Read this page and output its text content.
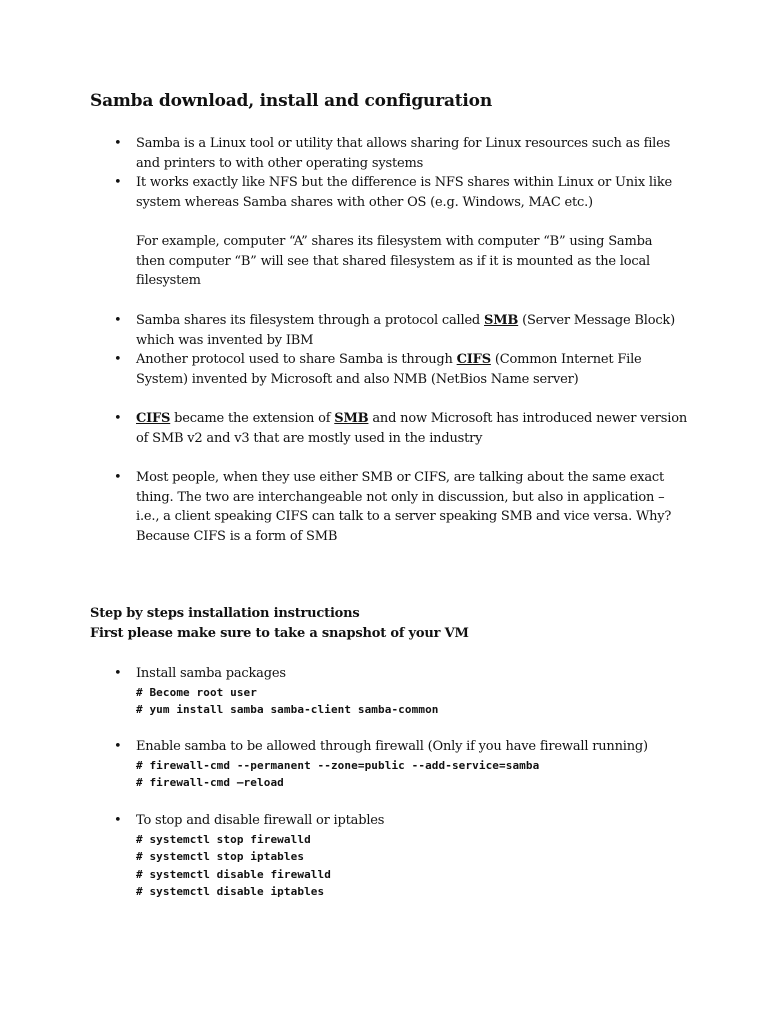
Samba download, install and configuration
• Samba is a Linux tool or utility that allows sharing for Linux resources such as files
and printers to with other operating systems
• It works exactly like NFS but the difference is NFS shares within Linux or Unix like
system whereas Samba shares with other OS (e.g. Windows, MAC etc.)
For example, computer “A” shares its filesystem with computer “B” using Samba
then computer “B” will see that shared filesystem as if it is mounted as the local
filesystem
• Samba shares its filesystem through a protocol called SMB (Server Message Block)
which was invented by IBM
• Another protocol used to share Samba is through CIFS (Common Internet File
System) invented by Microsoft and also NMB (NetBios Name server)
• CIFS became the extension of SMB and now Microsoft has introduced newer version
of SMB v2 and v3 that are mostly used in the industry
• Most people, when they use either SMB or CIFS, are talking about the same exact
thing. The two are interchangeable not only in discussion, but also in application –
i.e., a client speaking CIFS can talk to a server speaking SMB and vice versa. Why?
Because CIFS is a form of SMB
Step by steps installation instructions
First please make sure to take a snapshot of your VM
• Install samba packages
# Become root user
# yum install samba samba-client samba-common
• Enable samba to be allowed through firewall (Only if you have firewall running)
# firewall-cmd --permanent --zone=public --add-service=samba
# firewall-cmd –reload
• To stop and disable firewall or iptables
# systemctl stop firewalld
# systemctl stop iptables
# systemctl disable firewalld
# systemctl disable iptables
